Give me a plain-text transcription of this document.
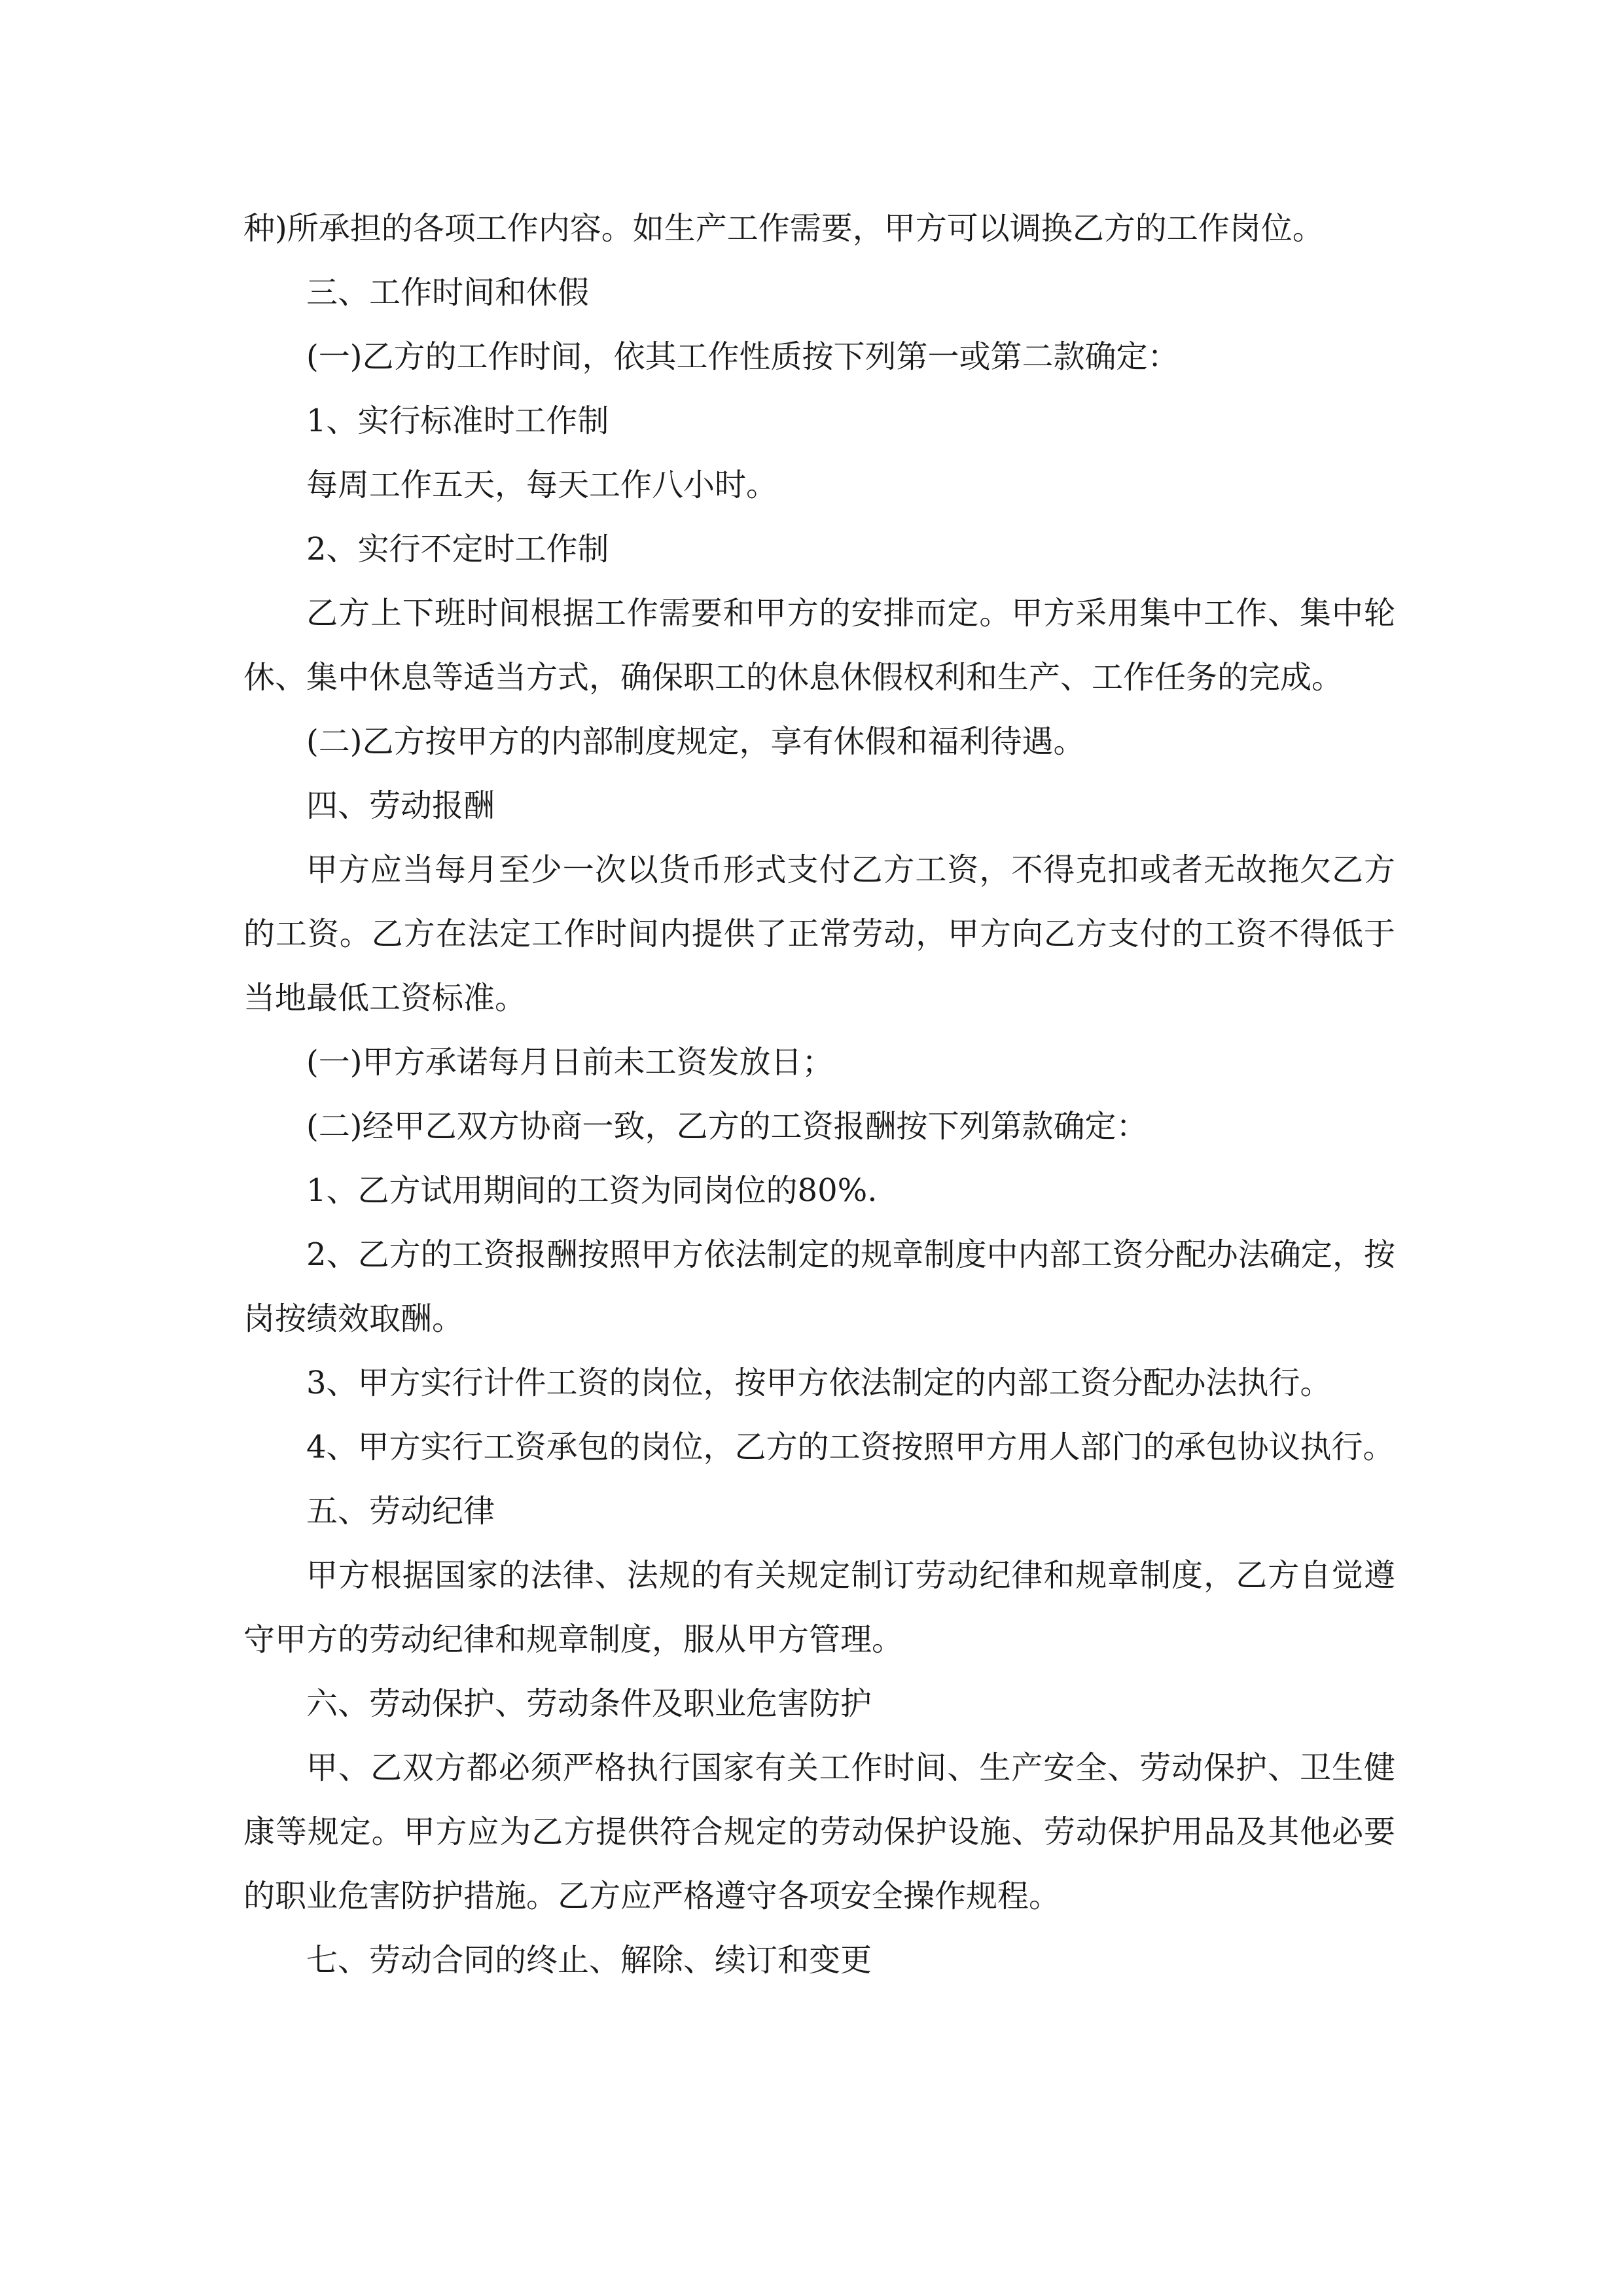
种)所承担的各项工作内容。如生产工作需要，甲方可以调换乙方的工作岗位。

三、工作时间和休假

(一)乙方的工作时间，依其工作性质按下列第一或第二款确定：

1、实行标准时工作制

每周工作五天，每天工作八小时。

2、实行不定时工作制

乙方上下班时间根据工作需要和甲方的安排而定。甲方采用集中工作、集中轮休、集中休息等适当方式，确保职工的休息休假权利和生产、工作任务的完成。

(二)乙方按甲方的内部制度规定，享有休假和福利待遇。

四、劳动报酬

甲方应当每月至少一次以货币形式支付乙方工资，不得克扣或者无故拖欠乙方的工资。乙方在法定工作时间内提供了正常劳动，甲方向乙方支付的工资不得低于当地最低工资标准。

(一)甲方承诺每月日前未工资发放日；

(二)经甲乙双方协商一致，乙方的工资报酬按下列第款确定：

1、乙方试用期间的工资为同岗位的80%.

2、乙方的工资报酬按照甲方依法制定的规章制度中内部工资分配办法确定，按岗按绩效取酬。

3、甲方实行计件工资的岗位，按甲方依法制定的内部工资分配办法执行。

4、甲方实行工资承包的岗位，乙方的工资按照甲方用人部门的承包协议执行。

五、劳动纪律

甲方根据国家的法律、法规的有关规定制订劳动纪律和规章制度，乙方自觉遵守甲方的劳动纪律和规章制度，服从甲方管理。

六、劳动保护、劳动条件及职业危害防护

甲、乙双方都必须严格执行国家有关工作时间、生产安全、劳动保护、卫生健康等规定。甲方应为乙方提供符合规定的劳动保护设施、劳动保护用品及其他必要的职业危害防护措施。乙方应严格遵守各项安全操作规程。

七、劳动合同的终止、解除、续订和变更
